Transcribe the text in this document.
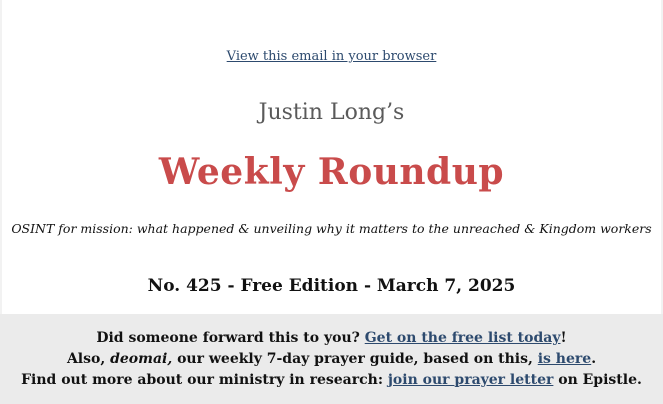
View this email in your browser
Justin Long’s
Weekly Roundup
OSINT for mission: what happened & unveiling why it matters to the unreached & Kingdom workers
No. 425 - Free Edition - March 7, 2025
Did someone forward this to you? Get on the free list today!
Also, deomai, our weekly 7-day prayer guide, based on this, is here.
Find out more about our ministry in research: join our prayer letter on Epistle.
